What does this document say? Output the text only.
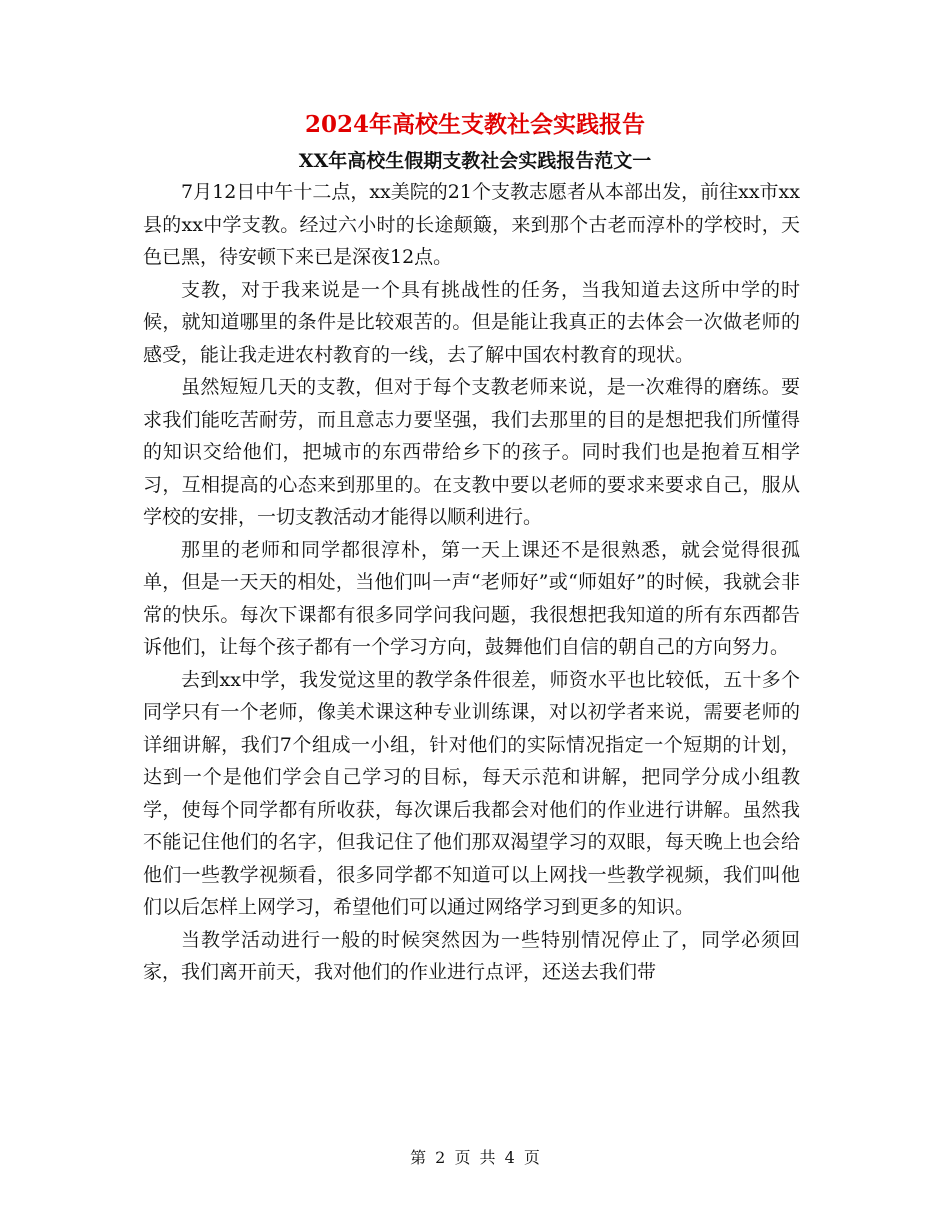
2024年高校生支教社会实践报告
XX年高校生假期支教社会实践报告范文一

7月12日中午十二点，xx美院的21个支教志愿者从本部出发，前往xx市xx县的xx中学支教。经过六小时的长途颠簸，来到那个古老而淳朴的学校时，天色已黑，待安顿下来已是深夜12点。

支教，对于我来说是一个具有挑战性的任务，当我知道去这所中学的时候，就知道哪里的条件是比较艰苦的。但是能让我真正的去体会一次做老师的感受，能让我走进农村教育的一线，去了解中国农村教育的现状。

虽然短短几天的支教，但对于每个支教老师来说，是一次难得的磨练。要求我们能吃苦耐劳，而且意志力要坚强，我们去那里的目的是想把我们所懂得的知识交给他们，把城市的东西带给乡下的孩子。同时我们也是抱着互相学习，互相提高的心态来到那里的。在支教中要以老师的要求来要求自己，服从学校的安排，一切支教活动才能得以顺利进行。

那里的老师和同学都很淳朴，第一天上课还不是很熟悉，就会觉得很孤单，但是一天天的相处，当他们叫一声“老师好”或“师姐好”的时候，我就会非常的快乐。每次下课都有很多同学问我问题，我很想把我知道的所有东西都告诉他们，让每个孩子都有一个学习方向，鼓舞他们自信的朝自己的方向努力。

去到xx中学，我发觉这里的教学条件很差，师资水平也比较低，五十多个同学只有一个老师，像美术课这种专业训练课，对以初学者来说，需要老师的详细讲解，我们7个组成一小组，针对他们的实际情况指定一个短期的计划，达到一个是他们学会自己学习的目标，每天示范和讲解，把同学分成小组教学，使每个同学都有所收获，每次课后我都会对他们的作业进行讲解。虽然我不能记住他们的名字，但我记住了他们那双渴望学习的双眼，每天晚上也会给他们一些教学视频看，很多同学都不知道可以上网找一些教学视频，我们叫他们以后怎样上网学习，希望他们可以通过网络学习到更多的知识。

当教学活动进行一般的时候突然因为一些特别情况停止了，同学必须回家，我们离开前天，我对他们的作业进行点评，还送去我们带

第 2 页 共 4 页
